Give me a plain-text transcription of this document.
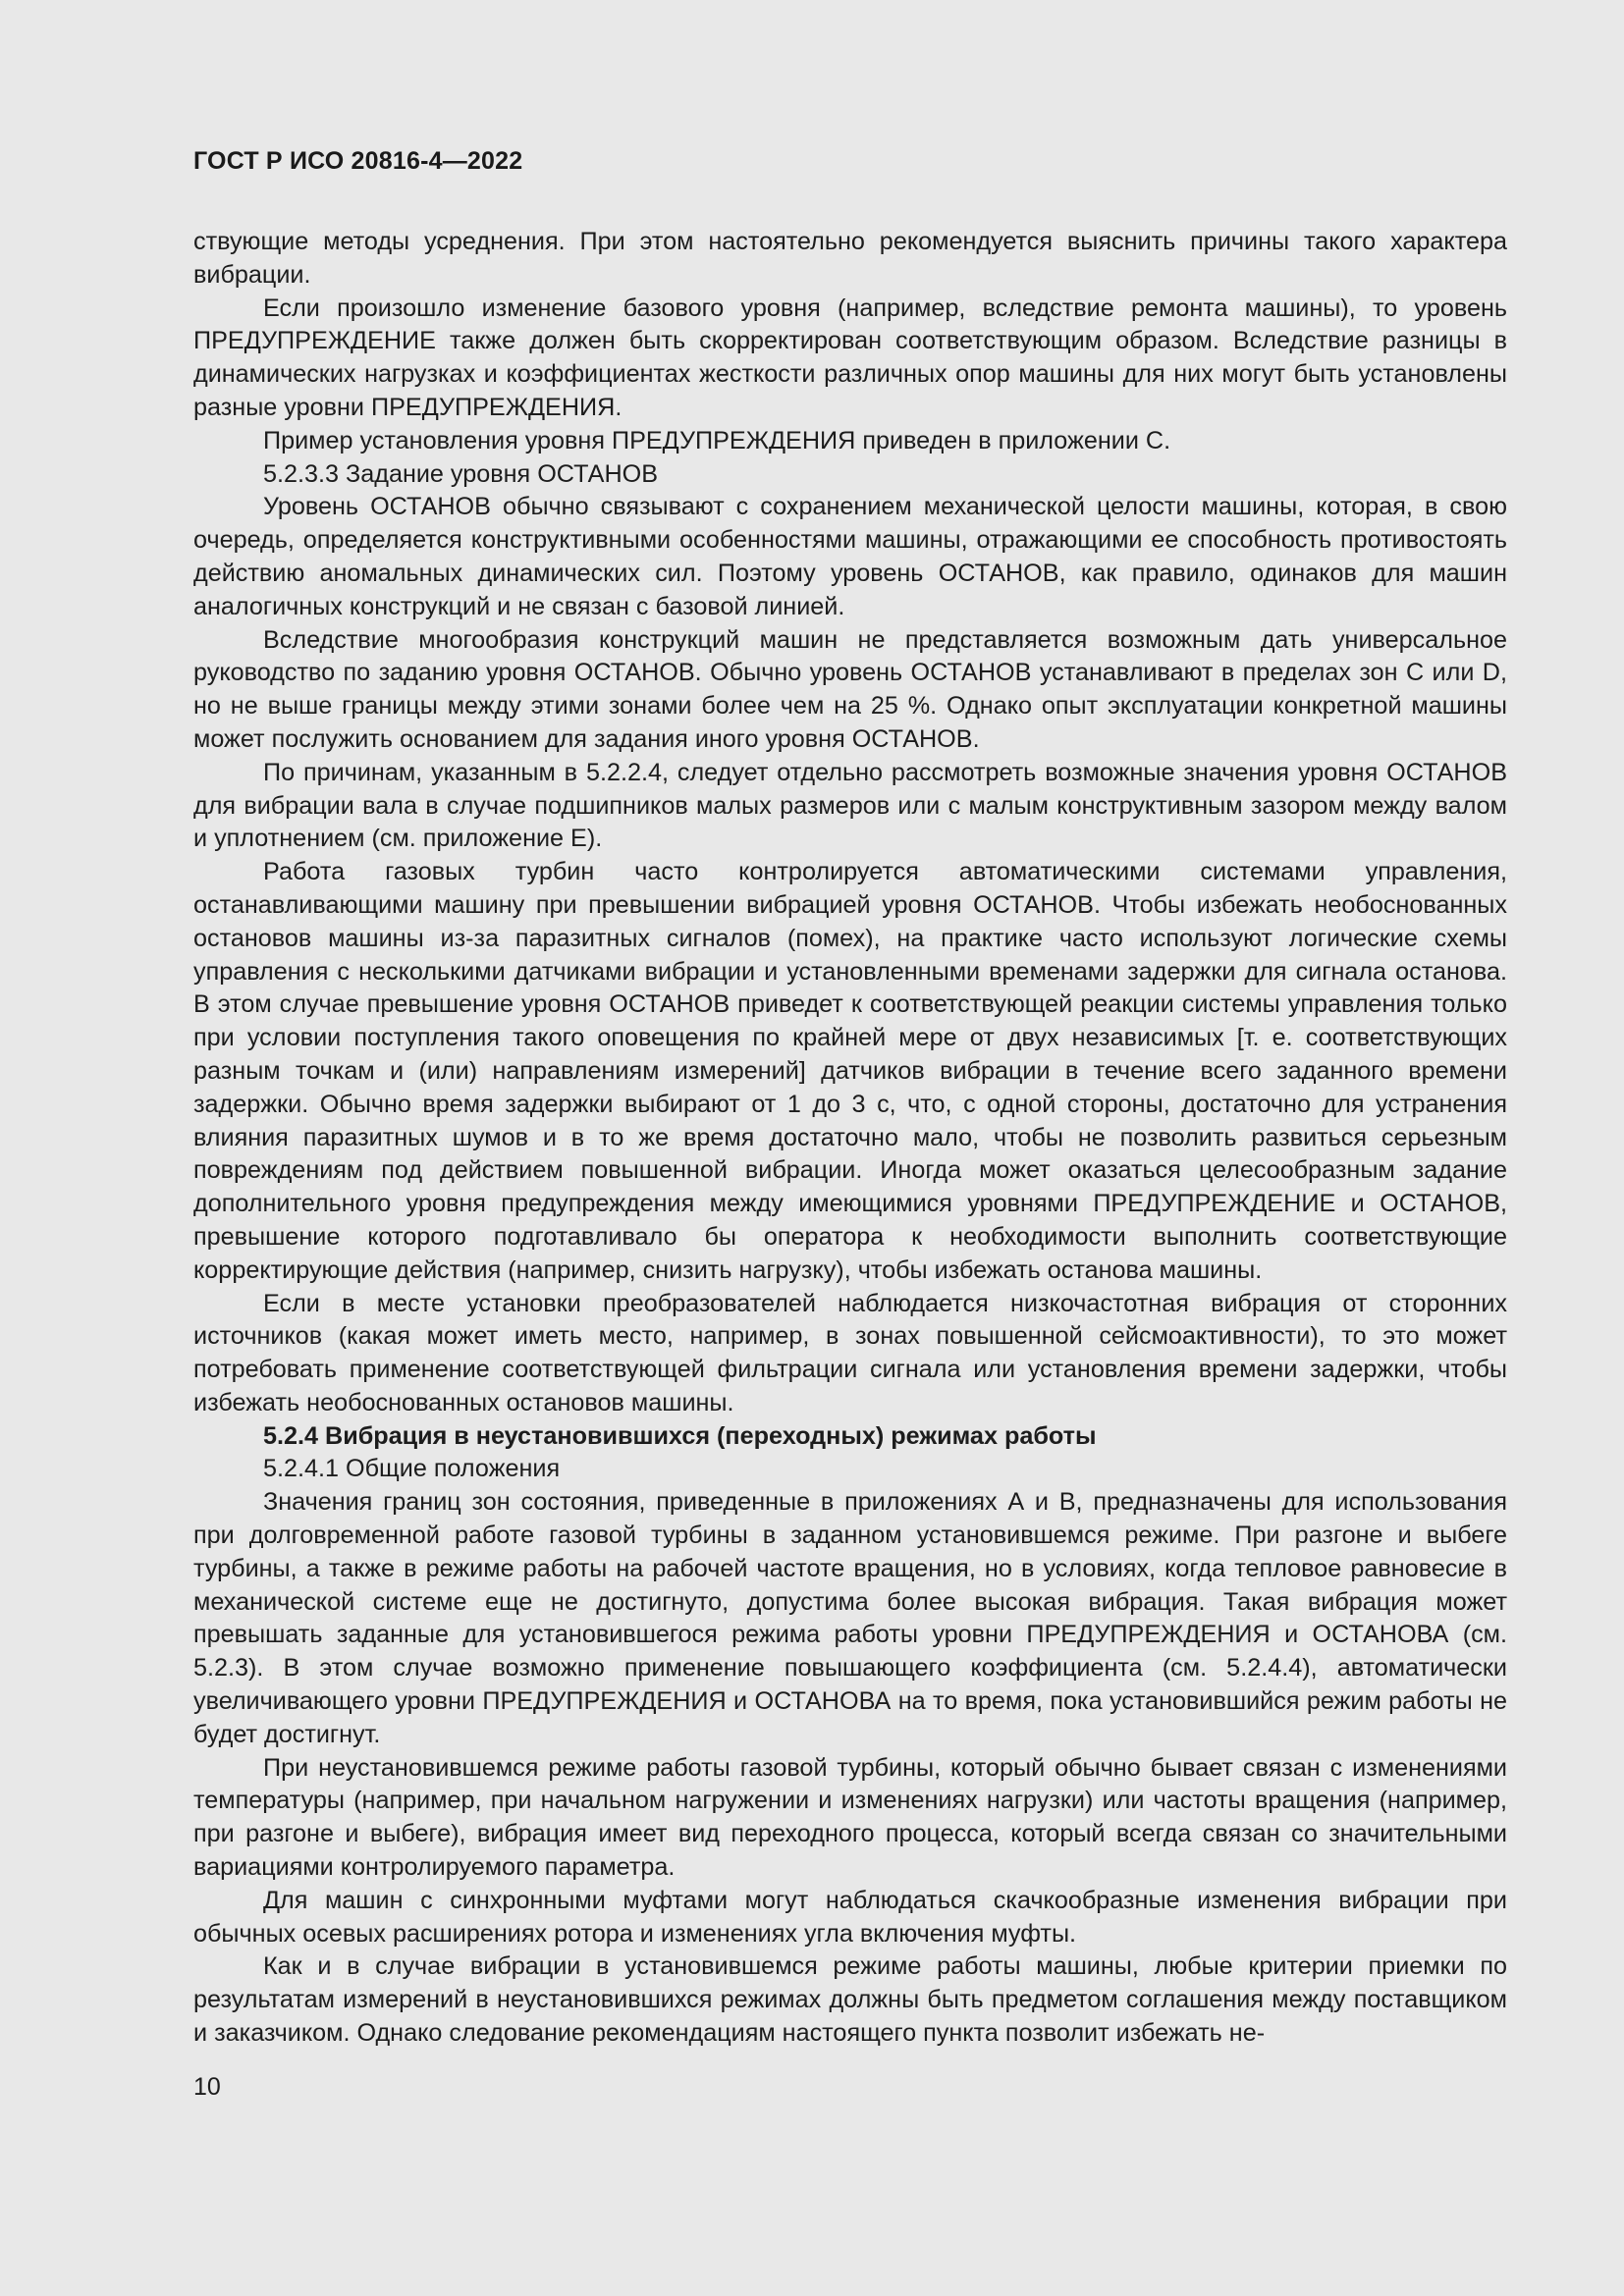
ГОСТ Р ИСО 20816-4—2022

ствующие методы усреднения. При этом настоятельно рекомендуется выяснить причины такого характера вибрации.

Если произошло изменение базового уровня (например, вследствие ремонта машины), то уровень ПРЕДУПРЕЖДЕНИЕ также должен быть скорректирован соответствующим образом. Вследствие разницы в динамических нагрузках и коэффициентах жесткости различных опор машины для них могут быть установлены разные уровни ПРЕДУПРЕЖДЕНИЯ.

Пример установления уровня ПРЕДУПРЕЖДЕНИЯ приведен в приложении С.

5.2.3.3 Задание уровня ОСТАНОВ

Уровень ОСТАНОВ обычно связывают с сохранением механической целости машины, которая, в свою очередь, определяется конструктивными особенностями машины, отражающими ее способность противостоять действию аномальных динамических сил. Поэтому уровень ОСТАНОВ, как правило, одинаков для машин аналогичных конструкций и не связан с базовой линией.

Вследствие многообразия конструкций машин не представляется возможным дать универсальное руководство по заданию уровня ОСТАНОВ. Обычно уровень ОСТАНОВ устанавливают в пределах зон С или D, но не выше границы между этими зонами более чем на 25 %. Однако опыт эксплуатации конкретной машины может послужить основанием для задания иного уровня ОСТАНОВ.

По причинам, указанным в 5.2.2.4, следует отдельно рассмотреть возможные значения уровня ОСТАНОВ для вибрации вала в случае подшипников малых размеров или с малым конструктивным зазором между валом и уплотнением (см. приложение Е).

Работа газовых турбин часто контролируется автоматическими системами управления, останавливающими машину при превышении вибрацией уровня ОСТАНОВ. Чтобы избежать необоснованных остановов машины из-за паразитных сигналов (помех), на практике часто используют логические схемы управления с несколькими датчиками вибрации и установленными временами задержки для сигнала останова. В этом случае превышение уровня ОСТАНОВ приведет к соответствующей реакции системы управления только при условии поступления такого оповещения по крайней мере от двух независимых [т. е. соответствующих разным точкам и (или) направлениям измерений] датчиков вибрации в течение всего заданного времени задержки. Обычно время задержки выбирают от 1 до 3 с, что, с одной стороны, достаточно для устранения влияния паразитных шумов и в то же время достаточно мало, чтобы не позволить развиться серьезным повреждениям под действием повышенной вибрации. Иногда может оказаться целесообразным задание дополнительного уровня предупреждения между имеющимися уровнями ПРЕДУПРЕЖДЕНИЕ и ОСТАНОВ, превышение которого подготавливало бы оператора к необходимости выполнить соответствующие корректирующие действия (например, снизить нагрузку), чтобы избежать останова машины.

Если в месте установки преобразователей наблюдается низкочастотная вибрация от сторонних источников (какая может иметь место, например, в зонах повышенной сейсмоактивности), то это может потребовать применение соответствующей фильтрации сигнала или установления времени задержки, чтобы избежать необоснованных остановов машины.

5.2.4 Вибрация в неустановившихся (переходных) режимах работы

5.2.4.1 Общие положения

Значения границ зон состояния, приведенные в приложениях А и В, предназначены для использования при долговременной работе газовой турбины в заданном установившемся режиме. При разгоне и выбеге турбины, а также в режиме работы на рабочей частоте вращения, но в условиях, когда тепловое равновесие в механической системе еще не достигнуто, допустима более высокая вибрация. Такая вибрация может превышать заданные для установившегося режима работы уровни ПРЕДУПРЕЖДЕНИЯ и ОСТАНОВА (см. 5.2.3). В этом случае возможно применение повышающего коэффициента (см. 5.2.4.4), автоматически увеличивающего уровни ПРЕДУПРЕЖДЕНИЯ и ОСТАНОВА на то время, пока установившийся режим работы не будет достигнут.

При неустановившемся режиме работы газовой турбины, который обычно бывает связан с изменениями температуры (например, при начальном нагружении и изменениях нагрузки) или частоты вращения (например, при разгоне и выбеге), вибрация имеет вид переходного процесса, который всегда связан со значительными вариациями контролируемого параметра.

Для машин с синхронными муфтами могут наблюдаться скачкообразные изменения вибрации при обычных осевых расширениях ротора и изменениях угла включения муфты.

Как и в случае вибрации в установившемся режиме работы машины, любые критерии приемки по результатам измерений в неустановившихся режимах должны быть предметом соглашения между поставщиком и заказчиком. Однако следование рекомендациям настоящего пункта позволит избежать не-

10
